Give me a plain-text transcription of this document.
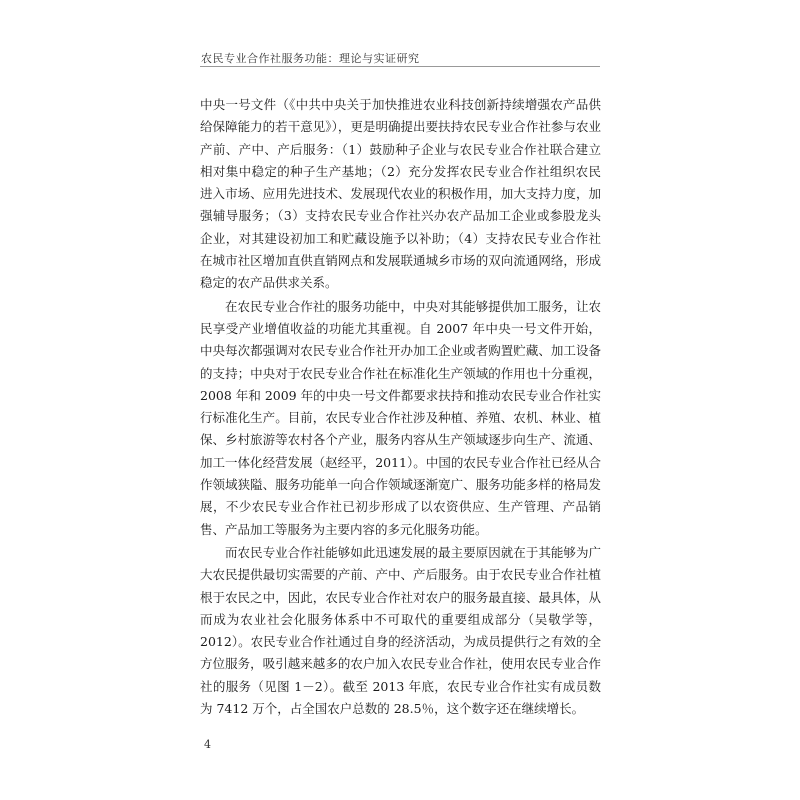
农民专业合作社服务功能：理论与实证研究

中央一号文件（《中共中央关于加快推进农业科技创新持续增强农产品供给保障能力的若干意见》），更是明确提出要扶持农民专业合作社参与农业产前、产中、产后服务：（1）鼓励种子企业与农民专业合作社联合建立相对集中稳定的种子生产基地；（2）充分发挥农民专业合作社组织农民进入市场、应用先进技术、发展现代农业的积极作用，加大支持力度，加强辅导服务；（3）支持农民专业合作社兴办农产品加工企业或参股龙头企业，对其建设初加工和贮藏设施予以补助；（4）支持农民专业合作社在城市社区增加直供直销网点和发展联通城乡市场的双向流通网络，形成稳定的农产品供求关系。

在农民专业合作社的服务功能中，中央对其能够提供加工服务，让农民享受产业增值收益的功能尤其重视。自 2007 年中央一号文件开始，中央每次都强调对农民专业合作社开办加工企业或者购置贮藏、加工设备的支持；中央对于农民专业合作社在标准化生产领域的作用也十分重视，2008 年和 2009 年的中央一号文件都要求扶持和推动农民专业合作社实行标准化生产。目前，农民专业合作社涉及种植、养殖、农机、林业、植保、乡村旅游等农村各个产业，服务内容从生产领域逐步向生产、流通、加工一体化经营发展（赵经平，2011）。中国的农民专业合作社已经从合作领域狭隘、服务功能单一向合作领域逐渐宽广、服务功能多样的格局发展，不少农民专业合作社已初步形成了以农资供应、生产管理、产品销售、产品加工等服务为主要内容的多元化服务功能。

而农民专业合作社能够如此迅速发展的最主要原因就在于其能够为广大农民提供最切实需要的产前、产中、产后服务。由于农民专业合作社植根于农民之中，因此，农民专业合作社对农户的服务最直接、最具体，从而成为农业社会化服务体系中不可取代的重要组成部分（吴敬学等，2012）。农民专业合作社通过自身的经济活动，为成员提供行之有效的全方位服务，吸引越来越多的农户加入农民专业合作社，使用农民专业合作社的服务（见图 1－2）。截至 2013 年底，农民专业合作社实有成员数为 7412 万个，占全国农户总数的 28.5％，这个数字还在继续增长。

4
